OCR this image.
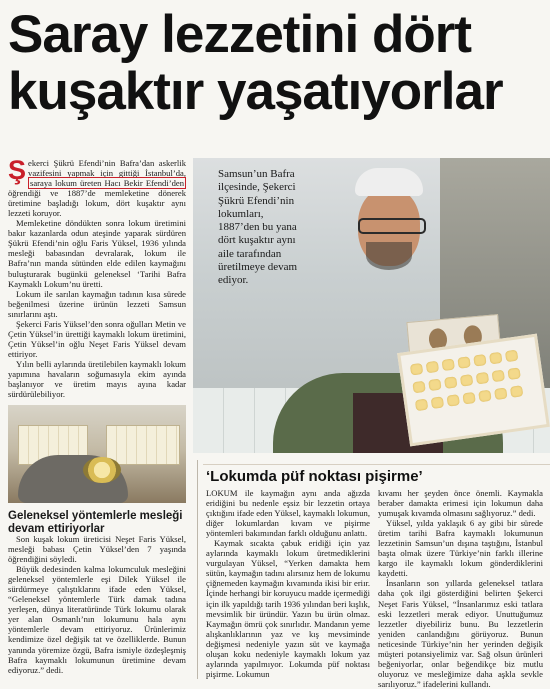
Saray lezzetini dört kuşaktır yaşatıyorlar

Ş ekerci Şükrü Efendi’nin Bafra’dan askerlik vazifesini yapmak için gittiği İstanbul’da, saraya lokum üreten Hacı Bekir Efendi’den öğrendiği ve 1887’de memleketine dönerek üretimine başladığı lokum, dört kuşaktır aynı lezzeti koruyor.

Memleketine döndükten sonra lokum üretimini bakır kazanlarda odun ateşinde yaparak sürdüren Şükrü Efendi’nin oğlu Faris Yüksel, 1936 yılında mesleği babasından devralarak, lokum ile Bafra’nın manda sütünden elde edilen kaymağını buluşturarak bugünkü geleneksel ‘Tarihi Bafra Kaymaklı Lokum’nu üretti.

Lokum ile sarılan kaymağın tadının kısa sürede beğenilmesi üzerine ürünün lezzeti Samsun sınırlarını aştı.

Şekerci Faris Yüksel’den sonra oğulları Metin ve Çetin Yüksel’in ürettiği kaymaklı lokum üretimini, Çetin Yüksel’in oğlu Neşet Faris Yüksel devam ettiriyor.

Yılın belli aylarında üretilebilen kaymaklı lokum yapımına havaların soğumasıyla ekim ayında başlanıyor ve üretim mayıs ayına kadar sürdürülebiliyor.

Geleneksel yöntemlerle mesleği devam ettiriyorlar

Son kuşak lokum üreticisi Neşet Faris Yüksel, mesleği babası Çetin Yüksel’den 7 yaşında öğrendiğini söyledi.

Büyük dedesinden kalma lokumculuk mesleğini geleneksel yöntemlerle eşi Dilek Yüksel ile sürdürmeye çalıştıklarını ifade eden Yüksel, “Geleneksel yöntemlerle Türk damak tadına yerleşen, dünya literatüründe Türk lokumu olarak yer alan Osmanlı’nın lokumunu hala aynı yöntemlerle devam ettiriyoruz. Ürünlerimiz kendimize özel değişik tat ve özelliklerde. Bunun yanında yöremize özgü, Bafra ismiyle özdeşleşmiş Bafra kaymaklı lokumunun üretimine devam ediyoruz.” dedi.

Samsun’un Bafra ilçesinde, Şekerci Şükrü Efendi’nin lokumları, 1887’den bu yana dört kuşaktır aynı aile tarafından üretilmeye devam ediyor.
‘Lokumda püf noktası pişirme’

LOKUM ile kaymağın aynı anda ağızda eridiğini bu nedenle eşsiz bir lezzetin ortaya çıktığını ifade eden Yüksel, kaymaklı lokumun, diğer lokumlardan kıvam ve pişirme yöntemleri bakımından farklı olduğunu anlattı.

Kaymak sıcakta çabuk eridiği için yaz aylarında kaymaklı lokum üretmediklerini vurgulayan Yüksel, “Yerken damakta hem sütün, kaymağın tadını alırsınız hem de lokumu çiğnemeden kaymağın kıvamında ikisi bir eriır. İçinde herhangi bir koruyucu madde içermediği için ilk yapıldığı tarih 1936 yılından beri kışlık, mevsimlik bir üründür. Yazın bu ürün olmaz. Kaymağın ömrü çok sınırlıdır. Mandanın yeme alışkanlıklarının yaz ve kış mevsiminde değişmesi nedeniyle yazın süt ve kaymağa oluşan koku nedeniyle kaymaklı lokum yaz aylarında yapılmıyor. Lokumda püf noktası pişirme. Lokumun

kıvamı her şeyden önce önemli. Kaymakla beraber damakta erimesi için lokumun daha yumuşak kıvamda olmasını sağlıyoruz.” dedi.

Yüksel, yılda yaklaşık 6 ay gibi bir sürede üretim tarihi Bafra kaymaklı lokumunun lezzetinin Samsun’un dışına taştığını, İstanbul başta olmak üzere Türkiye’nin farklı illerine kargo ile kaymaklı lokum gönderdiklerini kaydetti.

İnsanların son yıllarda geleneksel tatlara daha çok ilgi gösterdiğini belirten Şekerci Neşet Faris Yüksel, “İnsanlarımız eski tatlara eski lezzetleri merak ediyor. Unuttuğumuz lezzetler diyebiliriz bunu. Bu lezzetlerin yeniden canlandığını görüyoruz. Bunun neticesinde Türkiye’nin her yerinden değişik müşteri potansiyelimiz var. Sağ olsun ürünleri beğeniyorlar, onlar beğendikçe biz mutlu oluyoruz ve mesleğimize daha aşkla sevkle sarılıyoruz.” ifadelerini kullandı.
